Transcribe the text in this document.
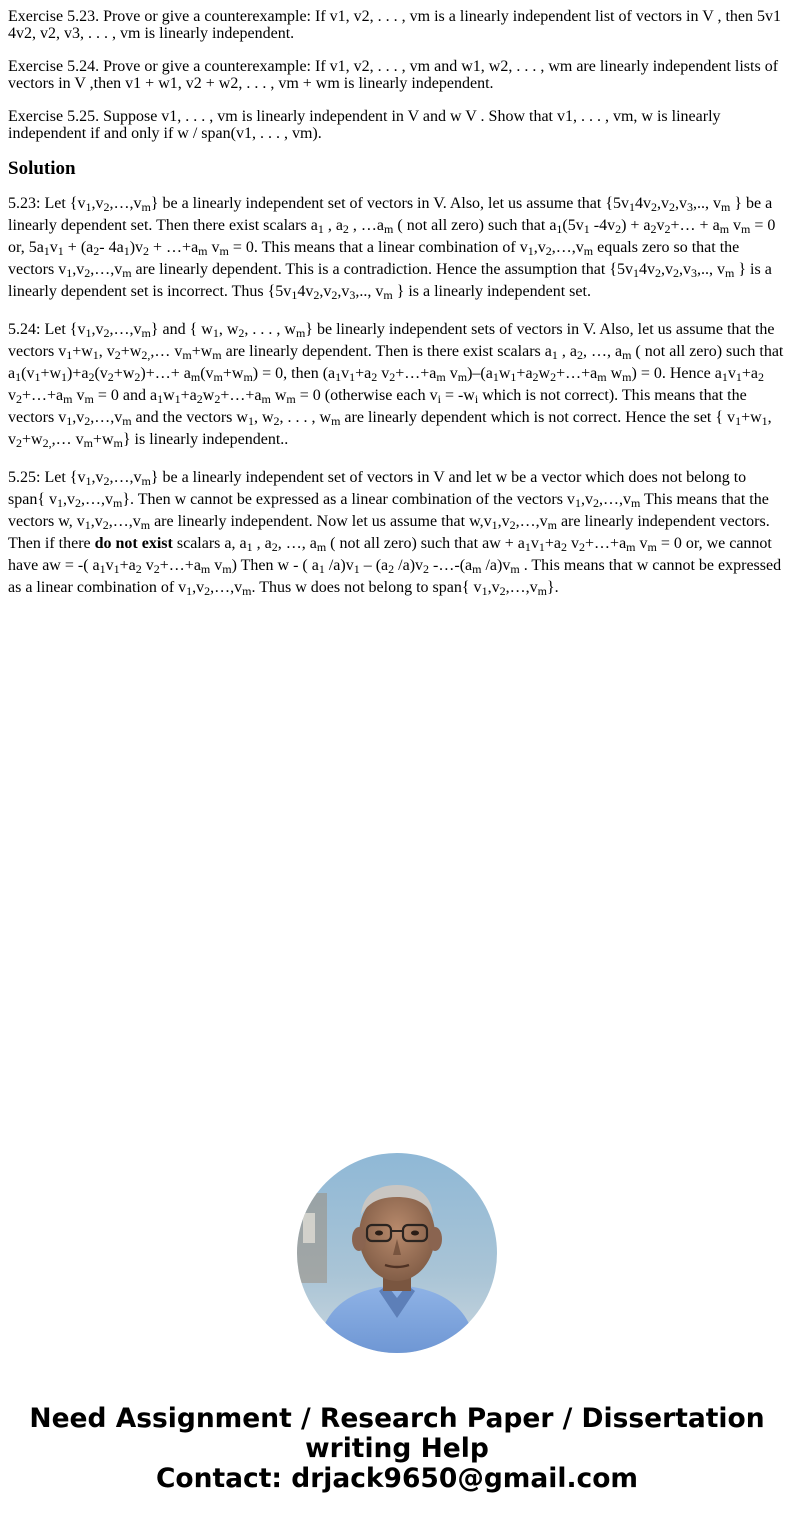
Exercise 5.23. Prove or give a counterexample: If v1, v2, . . . , vm is a linearly independent list of vectors in V , then 5v1 4v2, v2, v3, . . . , vm is linearly independent.

Exercise 5.24. Prove or give a counterexample: If v1, v2, . . . , vm and w1, w2, . . . , wm are linearly independent lists of vectors in V ,then v1 + w1, v2 + w2, . . . , vm + wm is linearly independent.

Exercise 5.25. Suppose v1, . . . , vm is linearly independent in V and w V . Show that v1, . . . , vm, w is linearly independent if and only if w / span(v1, . . . , vm).

Solution

5.23: Let $\{v_1,v_2,\dots,v_m\}$ be a linearly independent set of vectors in V. Also, let us assume that {$5v_14v_2,v_2,v_3$,.., $v_m$ } be a linearly dependent set. Then there exist scalars $a_1$ , $a_2$ , $\dots a_m$ ( not all zero) such that $a_1(5v_1$ $-4v_2$) + $a_2v_2+\dots + a_m$ $v_m = 0$ or, $5a_1v_1 + (a_2-$ $4a_1)v_2$ + $\dots+a_m$ $v_m = 0$. This means that a linear combination of $v_1,v_2,\dots,v_m$ equals zero so that the vectors $v_1,v_2,\dots,v_m$ are linearly dependent. This is a contradiction. Hence the assumption that {$5v_14v_2,v_2,v_3$,.., $v_m$ } is a linearly dependent set is incorrect. Thus {$5v_14v_2,v_2,v_3$,.., $v_m$ } is a linearly independent set.

5.24: Let $\{v_1,v_2,\dots,v_m\}$ and { $w_1$, $w_2$, . . . , $w_m$} be linearly independent sets of vectors in V. Also, let us assume that the vectors $v_1+w_1$, $v_2+w_{2,},\dots$ $v_m+w_m$ are linearly dependent. Then is there exist scalars $a_1$ , $a_2$, …, $a_m$ ( not all zero) such that $a_1(v_1+w_1)+a_2(v_2+w_2)+\dots+ a_m(v_m+w_m) = 0$, then ($a_1v_1+a_2$ $v_2+\dots+a_m$ $v_m)-(a_1w_1+a_2w_2+\dots+a_m$ $w_m) = 0$. Hence $a_1v_1+a_2$ $v_2+\dots+a_m$ $v_m = 0$ and $a_1w_1+a_2w_2+\dots+a_m$ $w_m = 0$ (otherwise each $v_i = -w_i$ which is not correct). This means that the vectors $v_1,v_2,\dots,v_m$ and the vectors $w_1$, $w_2$, . . . , $w_m$ are linearly dependent which is not correct. Hence the set { $v_1+w_1$, $v_2+w_{2,},\dots$ $v_m+w_m$} is linearly independent..

5.25: Let $\{v_1,v_2,\dots,v_m\}$ be a linearly independent set of vectors in V and let w be a vector which does not belong to span{ $v_1,v_2,\dots,v_m$}. Then w cannot be expressed as a linear combination of the vectors $v_1,v_2,\dots,v_m$ This means that the vectors w, $v_1,v_2,\dots,v_m$ are linearly independent. Now let us assume that $w,v_1,v_2,\dots,v_m$ are linearly independent vectors. Then if there do not exist scalars a, $a_1$ , $a_2$, …, $a_m$ ( not all zero) such that aw + $a_1v_1+a_2$ $v_2+\dots+a_m$ $v_m = 0$ or, we cannot have aw = -( $a_1v_1+a_2$ $v_2+\dots+a_m$ $v_m$) Then w - ( $a_1$ $/a)v_1 - (a_2$ $/a)v_2$ $-\dots-(a_m$ $/a)v_m$ . This means that w cannot be expressed as a linear combination of $v_1,v_2,\dots,v_m$. Thus w does not belong to span{ $v_1,v_2,\dots,v_m$}.

Need Assignment / Research Paper / Dissertation
writing Help
Contact: drjack9650@gmail.com
